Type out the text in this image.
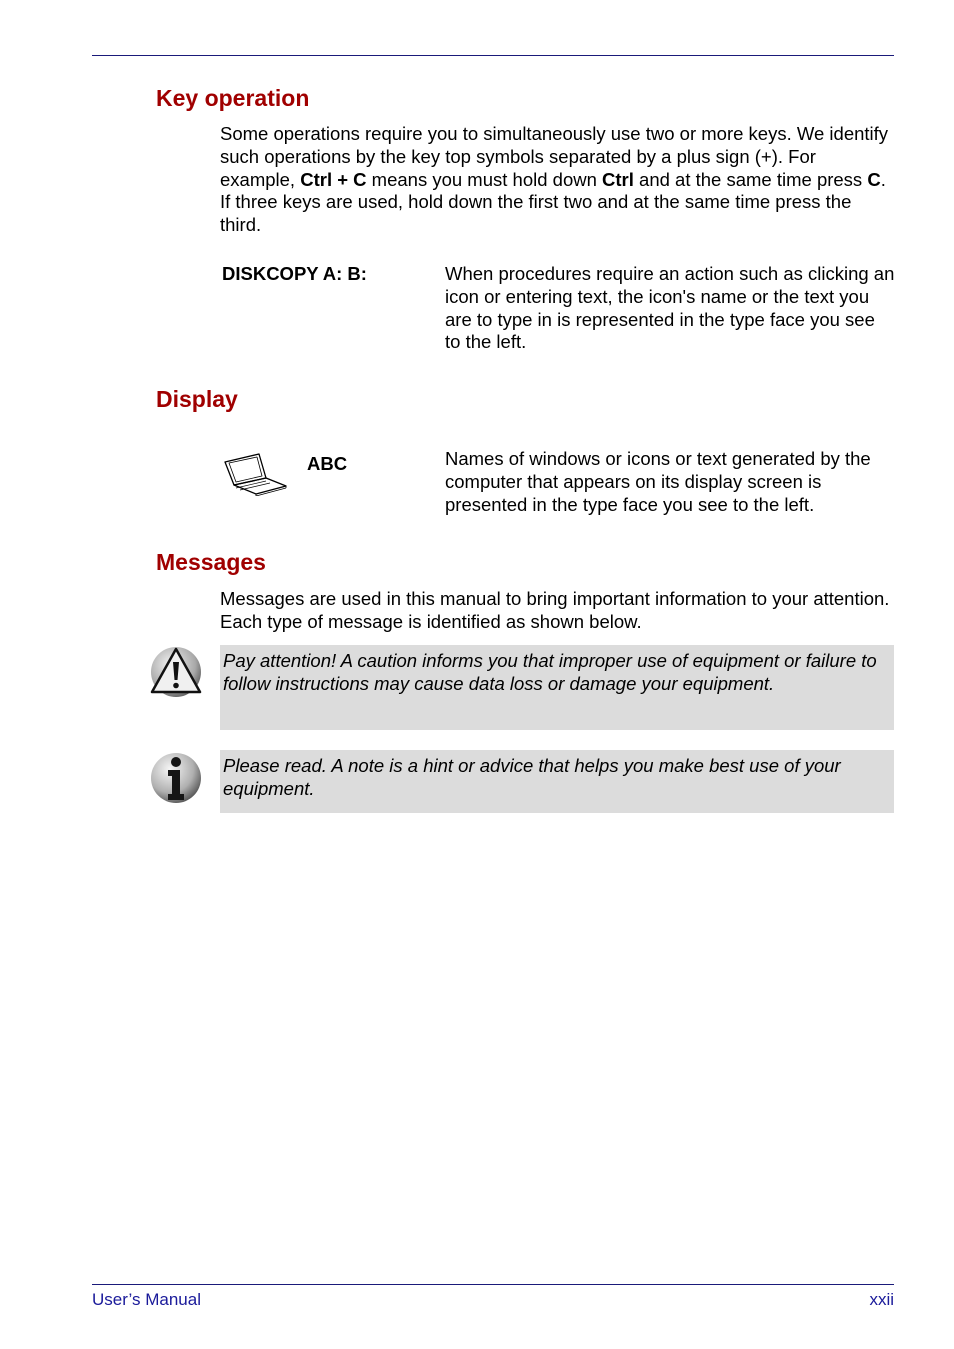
Key operation

Some operations require you to simultaneously use two or more keys. We identify such operations by the key top symbols separated by a plus sign (+). For example, Ctrl + C means you must hold down Ctrl and at the same time press C. If three keys are used, hold down the first two and at the same time press the third.

DISKCOPY A: B:	When procedures require an action such as clicking an icon or entering text, the icon's name or the text you are to type in is represented in the type face you see to the left.

Display

ABC	Names of windows or icons or text generated by the computer that appears on its display screen is presented in the type face you see to the left.

Messages

Messages are used in this manual to bring important information to your attention. Each type of message is identified as shown below.

Pay attention! A caution informs you that improper use of equipment or failure to follow instructions may cause data loss or damage your equipment.

Please read. A note is a hint or advice that helps you make best use of your equipment.

User’s Manual	xxii
